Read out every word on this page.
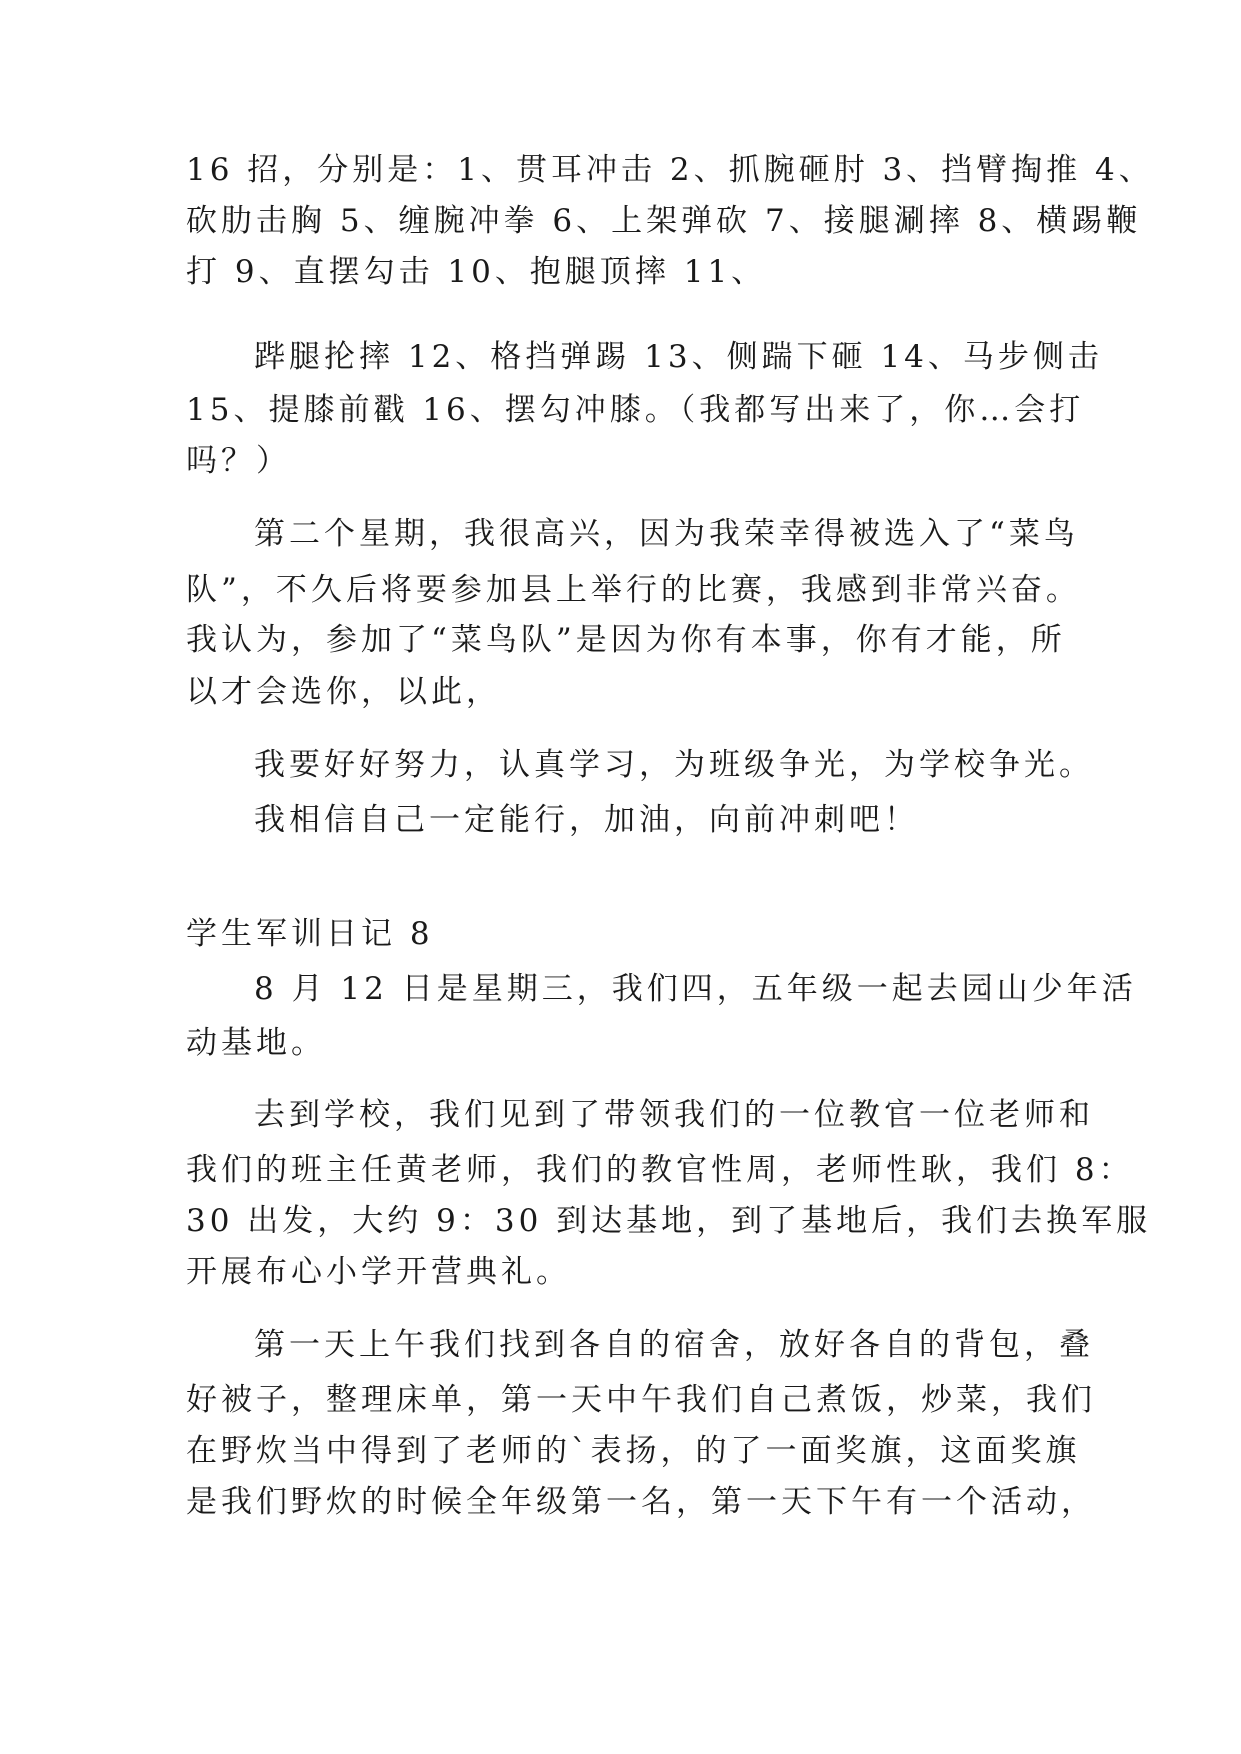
16 招，分别是：1、贯耳冲击 2、抓腕砸肘 3、挡臂掏推 4、
砍肋击胸 5、缠腕冲拳 6、上架弹砍 7、接腿涮摔 8、横踢鞭
打 9、直摆勾击 10、抱腿顶摔 11、
跸腿抡摔 12、格挡弹踢 13、侧踹下砸 14、马步侧击
15、提膝前戳 16、摆勾冲膝。（我都写出来了，你…会打
吗？）
第二个星期，我很高兴，因为我荣幸得被选入了“菜鸟
队”，不久后将要参加县上举行的比赛，我感到非常兴奋。
我认为，参加了“菜鸟队”是因为你有本事，你有才能，所
以才会选你，以此，
我要好好努力，认真学习，为班级争光，为学校争光。
我相信自己一定能行，加油，向前冲刺吧！
学生军训日记 8
8 月 12 日是星期三，我们四，五年级一起去园山少年活
动基地。
去到学校，我们见到了带领我们的一位教官一位老师和
我们的班主任黄老师，我们的教官性周，老师性耿，我们 8：
30 出发，大约 9：30 到达基地，到了基地后，我们去换军服
开展布心小学开营典礼。
第一天上午我们找到各自的宿舍，放好各自的背包，叠
好被子，整理床单，第一天中午我们自己煮饭，炒菜，我们
在野炊当中得到了老师的`表扬，的了一面奖旗，这面奖旗
是我们野炊的时候全年级第一名，第一天下午有一个活动，
